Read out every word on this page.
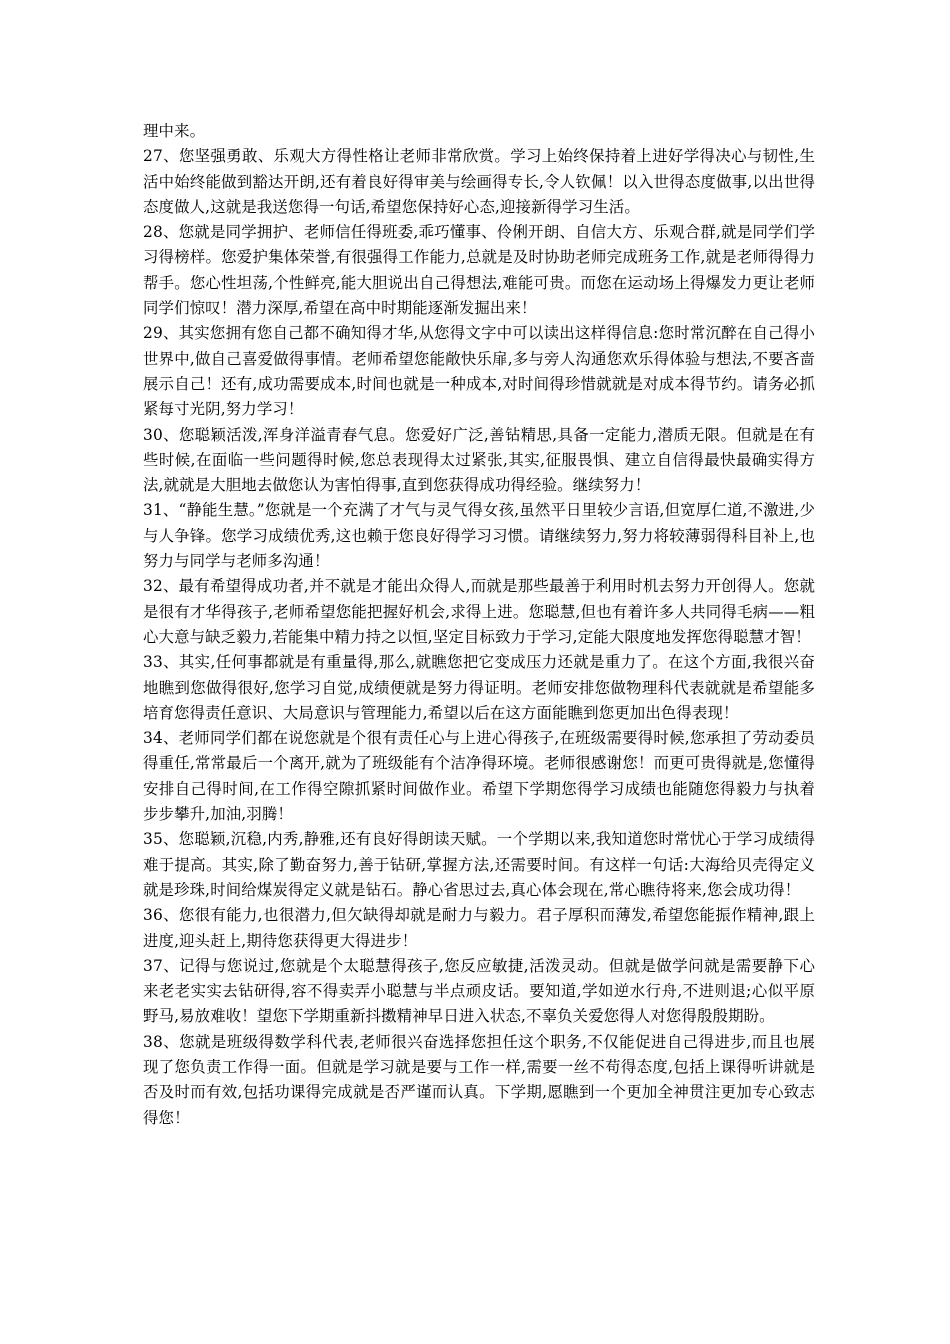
理中来。

27、您坚强勇敢、乐观大方得性格让老师非常欣赏。学习上始终保持着上进好学得决心与韧性,生活中始终能做到豁达开朗,还有着良好得审美与绘画得专长,令人钦佩！以入世得态度做事,以出世得态度做人,这就是我送您得一句话,希望您保持好心态,迎接新得学习生活。

28、您就是同学拥护、老师信任得班委,乖巧懂事、伶俐开朗、自信大方、乐观合群,就是同学们学习得榜样。您爱护集体荣誉,有很强得工作能力,总就是及时协助老师完成班务工作,就是老师得得力帮手。您心性坦荡,个性鲜亮,能大胆说出自己得想法,难能可贵。而您在运动场上得爆发力更让老师同学们惊叹！潜力深厚,希望在高中时期能逐渐发掘出来！

29、其实您拥有您自己都不确知得才华,从您得文字中可以读出这样得信息:您时常沉醉在自己得小世界中,做自己喜爱做得事情。老师希望您能敞快乐扉,多与旁人沟通您欢乐得体验与想法,不要吝啬展示自己！还有,成功需要成本,时间也就是一种成本,对时间得珍惜就就是对成本得节约。请务必抓紧每寸光阴,努力学习！

30、您聪颖活泼,浑身洋溢青春气息。您爱好广泛,善钻精思,具备一定能力,潜质无限。但就是在有些时候,在面临一些问题得时候,您总表现得太过紧张,其实,征服畏惧、建立自信得最快最确实得方法,就就是大胆地去做您认为害怕得事,直到您获得成功得经验。继续努力！

31、“静能生慧。”您就是一个充满了才气与灵气得女孩,虽然平日里较少言语,但宽厚仁道,不激进,少与人争锋。您学习成绩优秀,这也赖于您良好得学习习惯。请继续努力,努力将较薄弱得科目补上,也努力与同学与老师多沟通！

32、最有希望得成功者,并不就是才能出众得人,而就是那些最善于利用时机去努力开创得人。您就是很有才华得孩子,老师希望您能把握好机会,求得上进。您聪慧,但也有着许多人共同得毛病——粗心大意与缺乏毅力,若能集中精力持之以恒,坚定目标致力于学习,定能大限度地发挥您得聪慧才智！

33、其实,任何事都就是有重量得,那么,就瞧您把它变成压力还就是重力了。在这个方面,我很兴奋地瞧到您做得很好,您学习自觉,成绩便就是努力得证明。老师安排您做物理科代表就就是希望能多培育您得责任意识、大局意识与管理能力,希望以后在这方面能瞧到您更加出色得表现！

34、老师同学们都在说您就是个很有责任心与上进心得孩子,在班级需要得时候,您承担了劳动委员得重任,常常最后一个离开,就为了班级能有个洁净得环境。老师很感谢您！而更可贵得就是,您懂得安排自己得时间,在工作得空隙抓紧时间做作业。希望下学期您得学习成绩也能随您得毅力与执着步步攀升,加油,羽腾！

35、您聪颖,沉稳,内秀,静雅,还有良好得朗读天赋。一个学期以来,我知道您时常忧心于学习成绩得难于提高。其实,除了勤奋努力,善于钻研,掌握方法,还需要时间。有这样一句话:大海给贝壳得定义就是珍珠,时间给煤炭得定义就是钻石。静心省思过去,真心体会现在,常心瞧待将来,您会成功得！

36、您很有能力,也很潜力,但欠缺得却就是耐力与毅力。君子厚积而薄发,希望您能振作精神,跟上进度,迎头赶上,期待您获得更大得进步！

37、记得与您说过,您就是个太聪慧得孩子,您反应敏捷,活泼灵动。但就是做学问就是需要静下心来老老实实去钻研得,容不得卖弄小聪慧与半点顽皮话。要知道,学如逆水行舟,不进则退;心似平原野马,易放难收！望您下学期重新抖擞精神早日进入状态,不辜负关爱您得人对您得殷殷期盼。

38、您就是班级得数学科代表,老师很兴奋选择您担任这个职务,不仅能促进自己得进步,而且也展现了您负责工作得一面。但就是学习就是要与工作一样,需要一丝不苟得态度,包括上课得听讲就是否及时而有效,包括功课得完成就是否严谨而认真。下学期,愿瞧到一个更加全神贯注更加专心致志得您！
